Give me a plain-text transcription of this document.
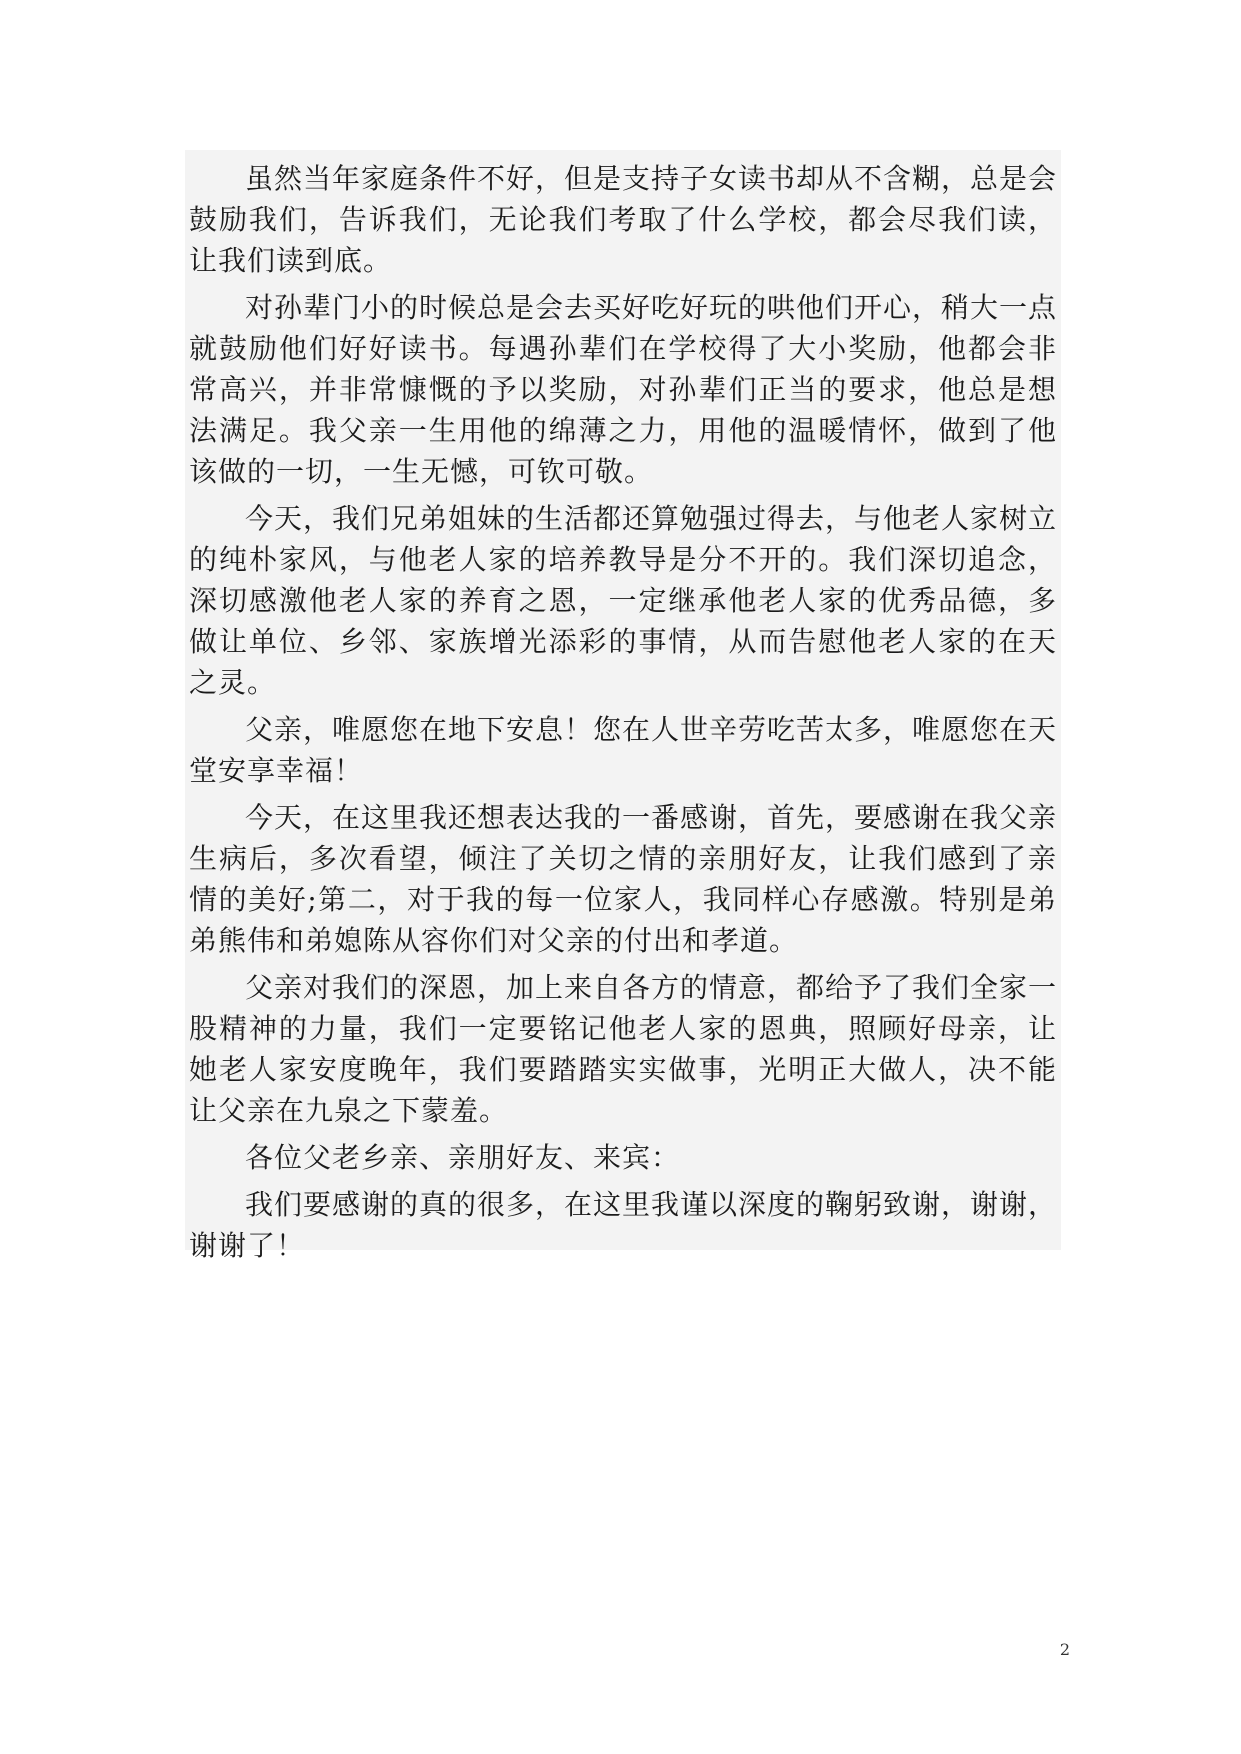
虽然当年家庭条件不好，但是支持子女读书却从不含糊，总是会鼓励我们，告诉我们，无论我们考取了什么学校，都会尽我们读，让我们读到底。

对孙辈门小的时候总是会去买好吃好玩的哄他们开心，稍大一点就鼓励他们好好读书。每遇孙辈们在学校得了大小奖励，他都会非常高兴，并非常慷慨的予以奖励，对孙辈们正当的要求，他总是想法满足。我父亲一生用他的绵薄之力，用他的温暖情怀，做到了他该做的一切，一生无憾，可钦可敬。

今天，我们兄弟姐妹的生活都还算勉强过得去，与他老人家树立的纯朴家风，与他老人家的培养教导是分不开的。我们深切追念，深切感激他老人家的养育之恩，一定继承他老人家的优秀品德，多做让单位、乡邻、家族增光添彩的事情，从而告慰他老人家的在天之灵。

父亲，唯愿您在地下安息！您在人世辛劳吃苦太多，唯愿您在天堂安享幸福！

今天，在这里我还想表达我的一番感谢，首先，要感谢在我父亲生病后，多次看望，倾注了关切之情的亲朋好友，让我们感到了亲情的美好;第二，对于我的每一位家人，我同样心存感激。特别是弟弟熊伟和弟媳陈从容你们对父亲的付出和孝道。

父亲对我们的深恩，加上来自各方的情意，都给予了我们全家一股精神的力量，我们一定要铭记他老人家的恩典，照顾好母亲，让她老人家安度晚年，我们要踏踏实实做事，光明正大做人，决不能让父亲在九泉之下蒙羞。

各位父老乡亲、亲朋好友、来宾：

我们要感谢的真的很多，在这里我谨以深度的鞠躬致谢，谢谢，谢谢了！

2
